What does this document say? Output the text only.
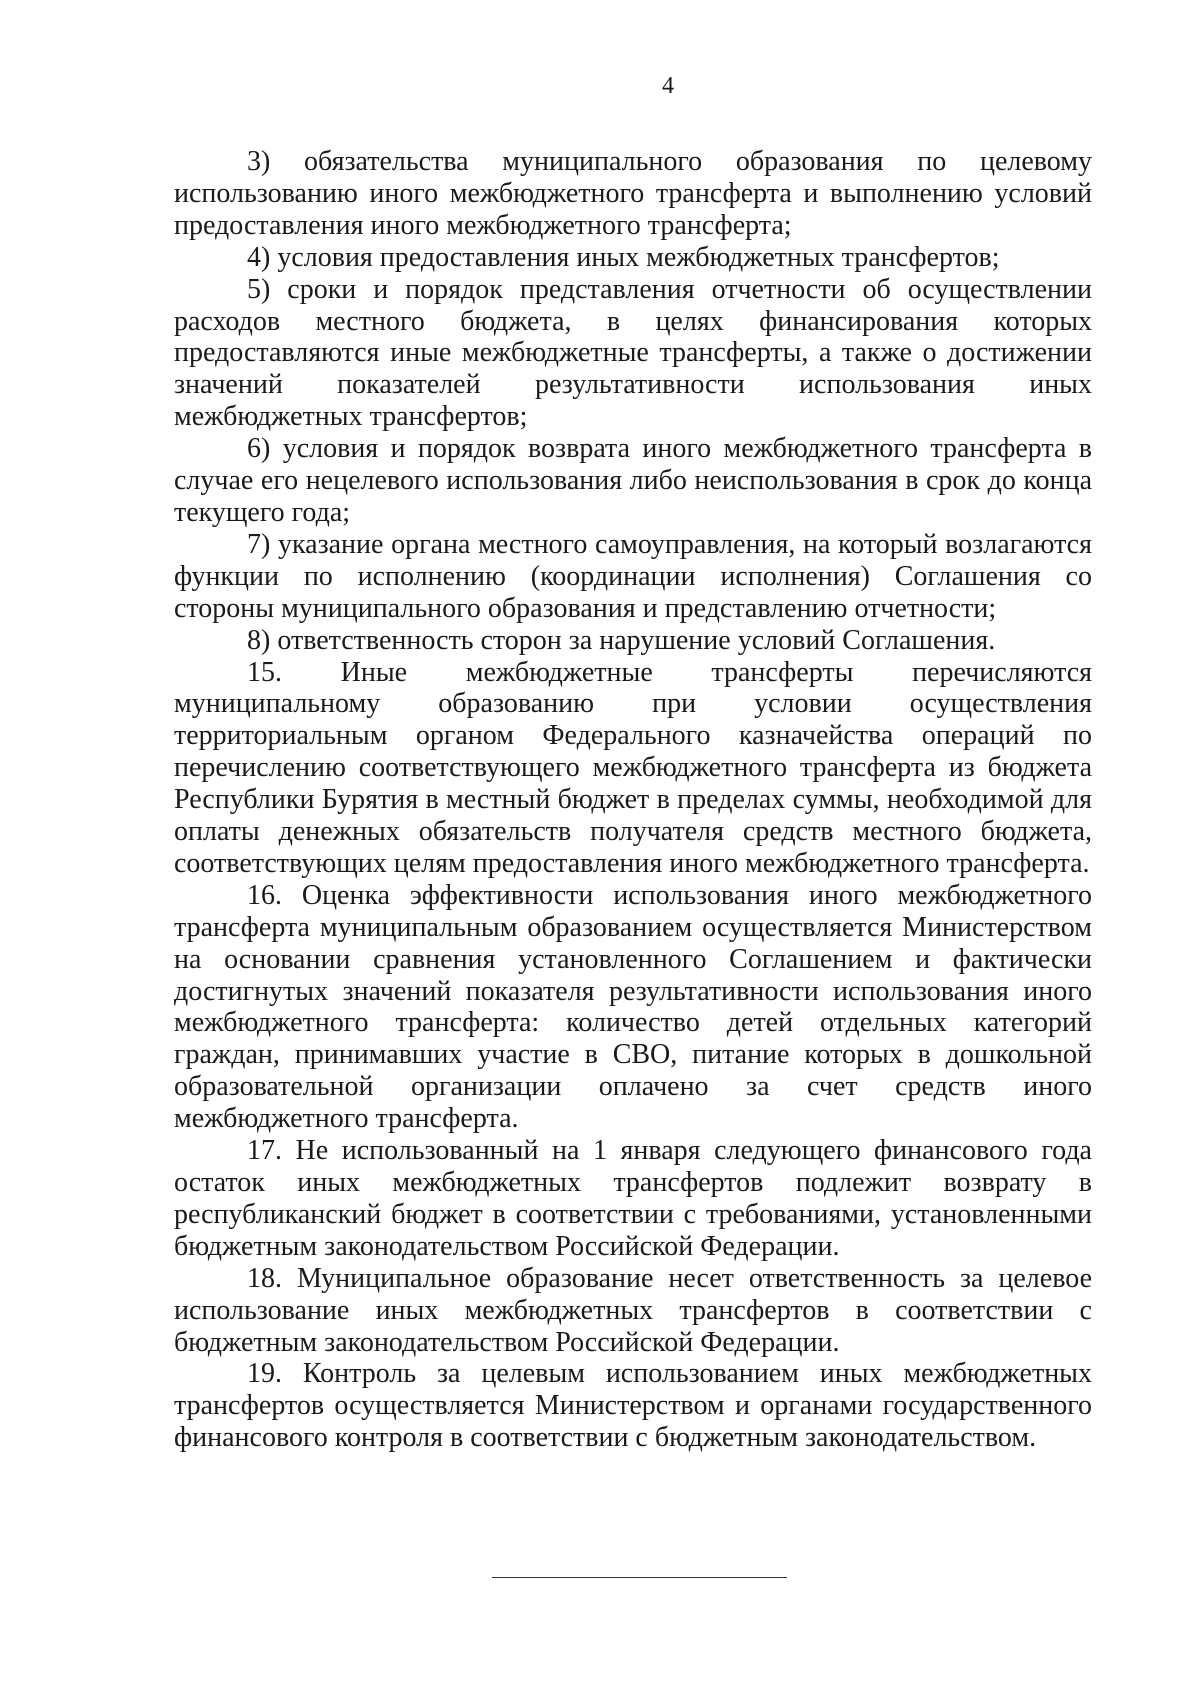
4

3) обязательства муниципального образования по целевому использованию иного межбюджетного трансферта и выполнению условий предоставления иного межбюджетного трансферта;

4) условия предоставления иных межбюджетных трансфертов;

5) сроки и порядок представления отчетности об осуществлении расходов местного бюджета, в целях финансирования которых предоставляются иные межбюджетные трансферты, а также о достижении значений показателей результативности использования иных межбюджетных трансфертов;

6) условия и порядок возврата иного межбюджетного трансферта в случае его нецелевого использования либо неиспользования в срок до конца текущего года;

7) указание органа местного самоуправления, на который возлагаются функции по исполнению (координации исполнения) Соглашения со стороны муниципального образования и представлению отчетности;

8) ответственность сторон за нарушение условий Соглашения.

15. Иные межбюджетные трансферты перечисляются муниципальному образованию при условии осуществления территориальным органом Федерального казначейства операций по перечислению соответствующего межбюджетного трансферта из бюджета Республики Бурятия в местный бюджет в пределах суммы, необходимой для оплаты денежных обязательств получателя средств местного бюджета, соответствующих целям предоставления иного межбюджетного трансферта.

16. Оценка эффективности использования иного межбюджетного трансферта муниципальным образованием осуществляется Министерством на основании сравнения установленного Соглашением и фактически достигнутых значений показателя результативности использования иного межбюджетного трансферта: количество детей отдельных категорий граждан, принимавших участие в СВО, питание которых в дошкольной образовательной организации оплачено за счет средств иного межбюджетного трансферта.

17. Не использованный на 1 января следующего финансового года остаток иных межбюджетных трансфертов подлежит возврату в республиканский бюджет в соответствии с требованиями, установленными бюджетным законодательством Российской Федерации.

18. Муниципальное образование несет ответственность за целевое использование иных межбюджетных трансфертов в соответствии с бюджетным законодательством Российской Федерации.

19. Контроль за целевым использованием иных межбюджетных трансфертов осуществляется Министерством и органами государственного финансового контроля в соответствии с бюджетным законодательством.
